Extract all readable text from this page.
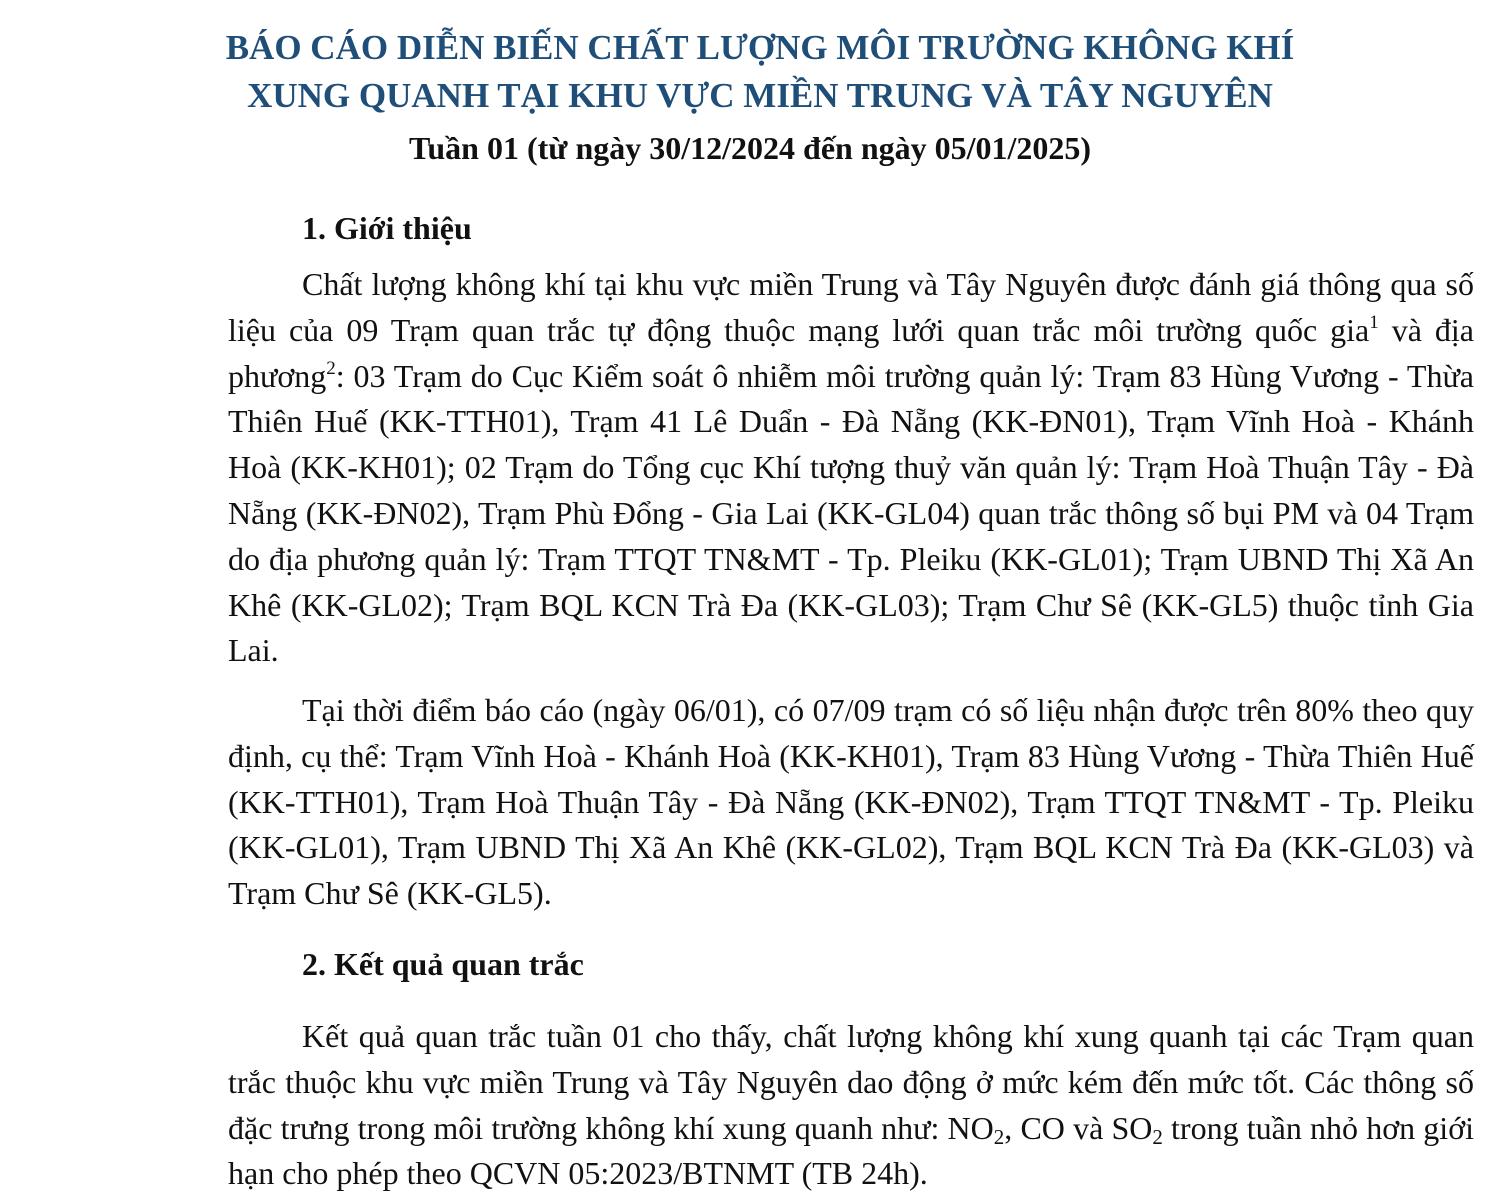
BÁO CÁO DIỄN BIẾN CHẤT LƯỢNG MÔI TRƯỜNG KHÔNG KHÍ
XUNG QUANH TẠI KHU VỰC MIỀN TRUNG VÀ TÂY NGUYÊN
Tuần 01 (từ ngày 30/12/2024 đến ngày 05/01/2025)
1. Giới thiệu
Chất lượng không khí tại khu vực miền Trung và Tây Nguyên được đánh giá thông qua số liệu của 09 Trạm quan trắc tự động thuộc mạng lưới quan trắc môi trường quốc gia$^1$ và địa phương$^2$: 03 Trạm do Cục Kiểm soát ô nhiễm môi trường quản lý: Trạm 83 Hùng Vương - Thừa Thiên Huế (KK-TTH01), Trạm 41 Lê Duẩn - Đà Nẵng (KK-ĐN01), Trạm Vĩnh Hoà - Khánh Hoà (KK-KH01); 02 Trạm do Tổng cục Khí tượng thuỷ văn quản lý: Trạm Hoà Thuận Tây - Đà Nẵng (KK-ĐN02), Trạm Phù Đổng - Gia Lai (KK-GL04) quan trắc thông số bụi PM và 04 Trạm do địa phương quản lý: Trạm TTQT TN&MT - Tp. Pleiku (KK-GL01); Trạm UBND Thị Xã An Khê (KK-GL02); Trạm BQL KCN Trà Đa (KK-GL03); Trạm Chư Sê (KK-GL5) thuộc tỉnh Gia Lai.
Tại thời điểm báo cáo (ngày 06/01), có 07/09 trạm có số liệu nhận được trên 80% theo quy định, cụ thể: Trạm Vĩnh Hoà - Khánh Hoà (KK-KH01), Trạm 83 Hùng Vương - Thừa Thiên Huế (KK-TTH01), Trạm Hoà Thuận Tây - Đà Nẵng (KK-ĐN02), Trạm TTQT TN&MT - Tp. Pleiku (KK-GL01), Trạm UBND Thị Xã An Khê (KK-GL02), Trạm BQL KCN Trà Đa (KK-GL03) và Trạm Chư Sê (KK-GL5).
2. Kết quả quan trắc
Kết quả quan trắc tuần 01 cho thấy, chất lượng không khí xung quanh tại các Trạm quan trắc thuộc khu vực miền Trung và Tây Nguyên dao động ở mức kém đến mức tốt. Các thông số đặc trưng trong môi trường không khí xung quanh như: $NO_2$, CO và $SO_2$ trong tuần nhỏ hơn giới hạn cho phép theo QCVN 05:2023/BTNMT (TB 24h).
